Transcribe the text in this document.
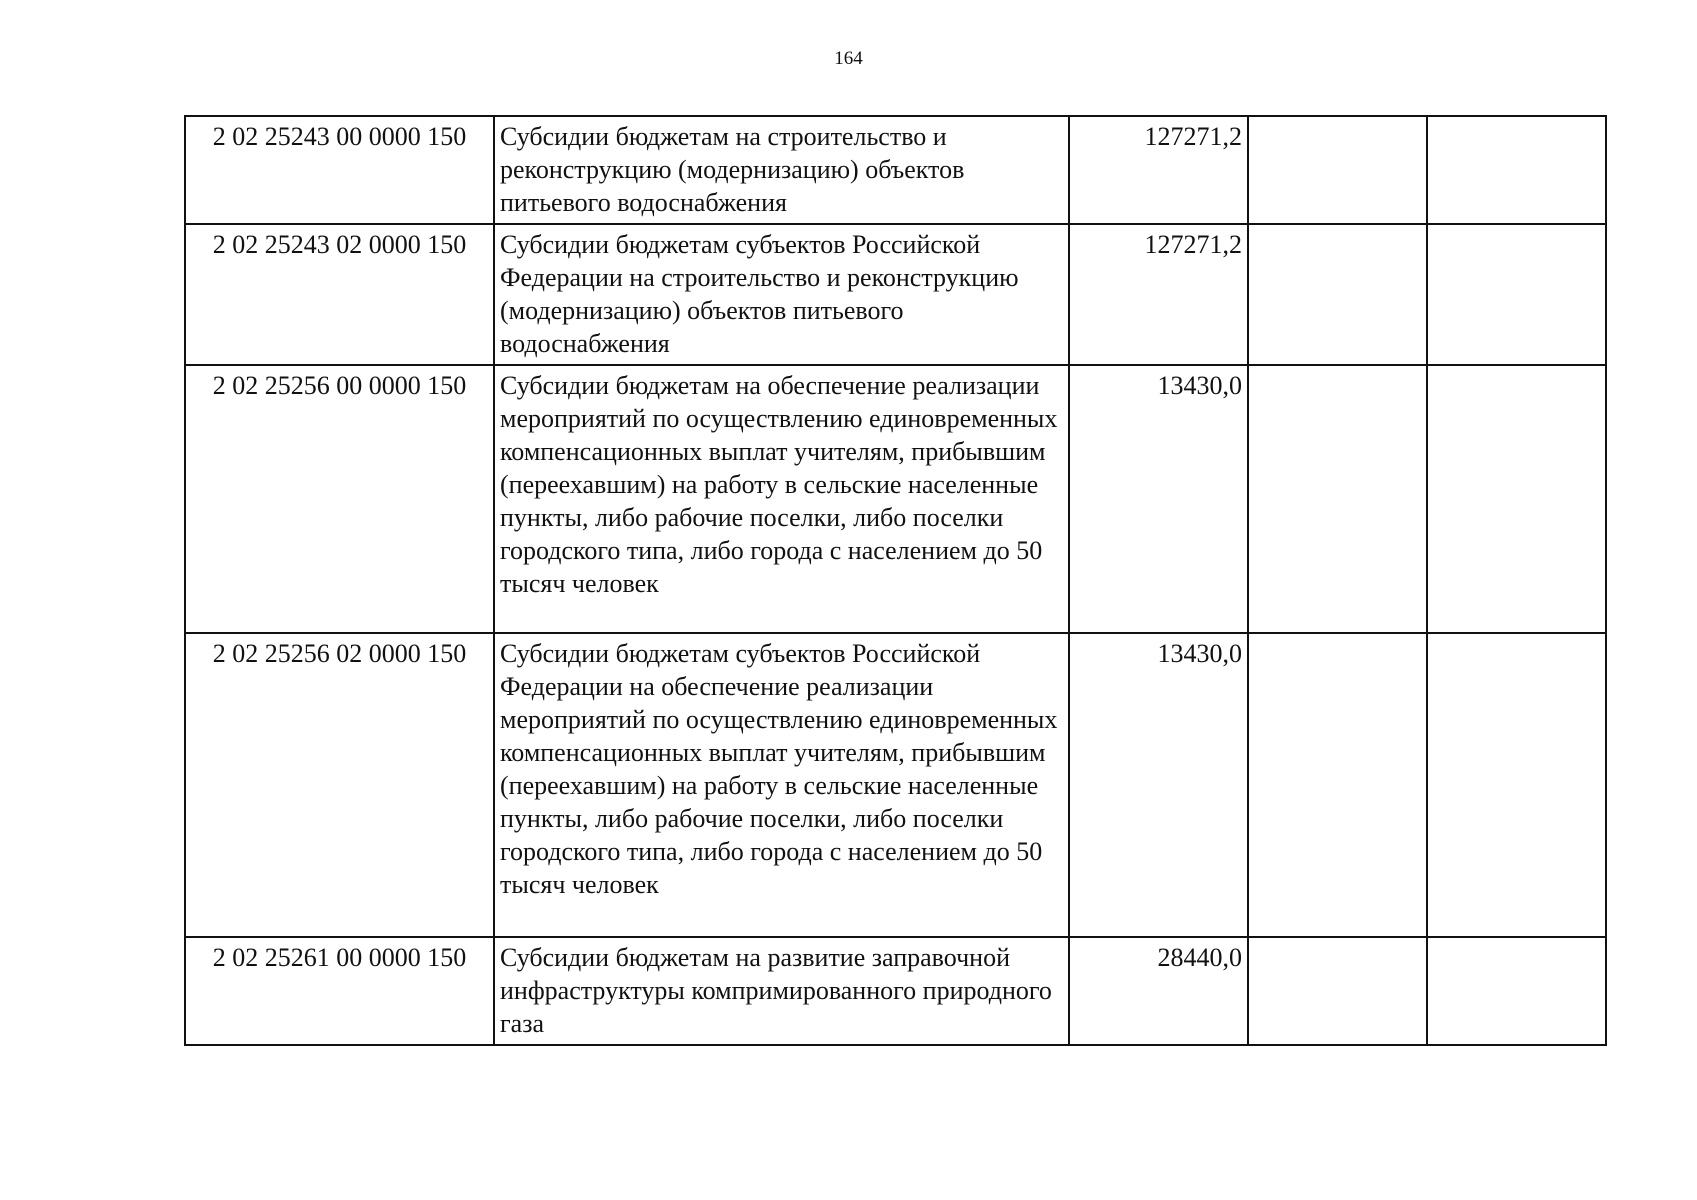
164
2 02 25243 00 0000 150	Субсидии бюджетам на строительство и реконструкцию (модернизацию) объектов питьевого водоснабжения	127271,2		
2 02 25243 02 0000 150	Субсидии бюджетам субъектов Российской Федерации на строительство и реконструкцию (модернизацию) объектов питьевого водоснабжения	127271,2		
2 02 25256 00 0000 150	Субсидии бюджетам на обеспечение реализации мероприятий по осуществлению единовременных компенсационных выплат учителям, прибывшим (переехавшим) на работу в сельские населенные пункты, либо рабочие поселки, либо поселки городского типа, либо города с населением до 50 тысяч человек	13430,0		
2 02 25256 02 0000 150	Субсидии бюджетам субъектов Российской Федерации на обеспечение реализации мероприятий по осуществлению единовременных компенсационных выплат учителям, прибывшим (переехавшим) на работу в сельские населенные пункты, либо рабочие поселки, либо поселки городского типа, либо города с населением до 50 тысяч человек	13430,0		
2 02 25261 00 0000 150	Субсидии бюджетам на развитие заправочной инфраструктуры компримированного природного газа	28440,0		
